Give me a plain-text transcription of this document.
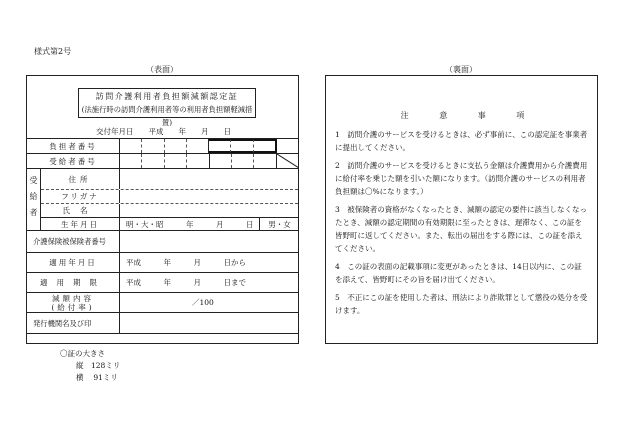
様式第2号
（表面）	（裏面）
訪問介護利用者負担額減額認定証
(法施行時の訪問介護利用者等の利用者負担額軽減措置)
交付年月日　　平成　　年　　月　　日
負担者番号
受給者番号
受給者	住所
フリガナ
氏名
生年月日	明・大・昭　　　年　　　月　　　日	男・女
介護保険被保険者番号
適用年月日	平成　　　年　　　月　　　日から
適用期限	平成　　　年　　　月　　　日まで
減額内容
(給付率)	／100
発行機関名及び印
〇証の大きさ
縦　128ミリ
横　 91ミリ
注 意 事 項
1　訪問介護のサービスを受けるときは、必ず事前に、この認定証を事業者に提出してください。
2　訪問介護のサービスを受けるときに支払う金額は介護費用から介護費用に給付率を乗じた額を引いた額になります。（訪問介護のサービスの利用者負担額は〇%になります。）
3　被保険者の資格がなくなったとき、減額の認定の要件に該当しなくなったとき、減額の認定期間の有効期限に至ったときは、遅滞なく、この証を皆野町に返してください。また、転出の届出をする際には、この証を添えてください。
4　この証の表面の記載事項に変更があったときは、14日以内に、この証を添えて、皆野町にその旨を届け出てください。
5　不正にこの証を使用した者は、刑法により詐欺罪として懲役の処分を受けます。
